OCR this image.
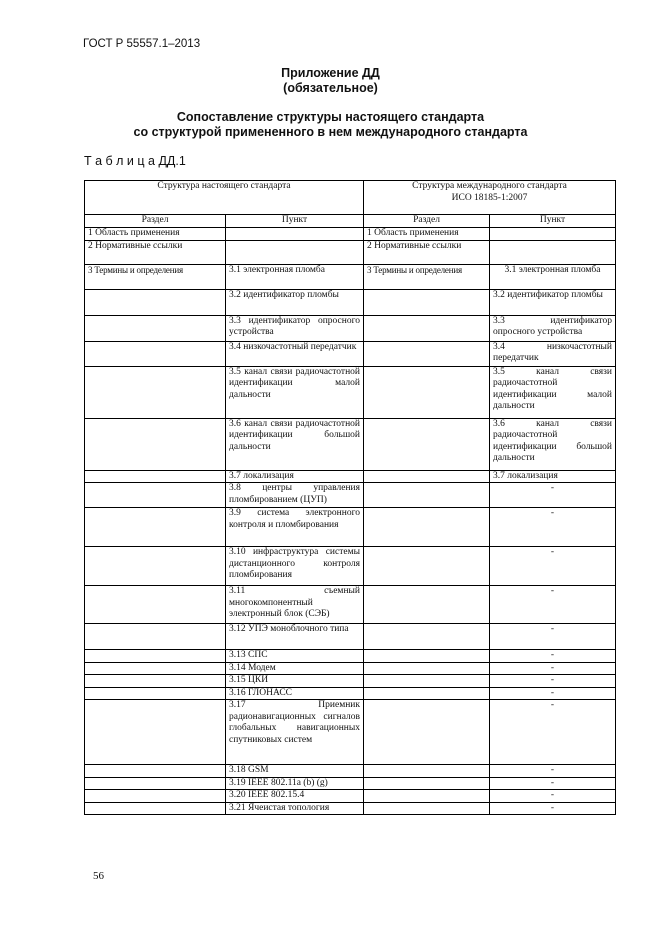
ГОСТ Р 55557.1–2013
Приложение ДД
(обязательное)
Сопоставление структуры настоящего стандарта
со структурой примененного в нем международного стандарта
Т а б л и ц а ДД.1
Структура настоящего стандарта		Структура международного стандарта
ИСО 18185-1:2007	

Раздел	Пункт	Раздел	Пункт
1 Область применения		1 Область применения	
2 Нормативные ссылки		2 Нормативные ссылки	
3 Термины и определения	3.1 электронная пломба	3 Термины и определения	3.1 электронная пломба
	3.2 идентификатор пломбы		3.2 идентификатор пломбы
	3.3 идентификатор опросного устройства		3.3 идентификатор опросного устройства
	3.4 низкочастотный передатчик		3.4 низкочастотный передатчик
	3.5 канал связи радиочастотной идентификации малой дальности		3.5 канал связи радиочастотной идентификации малой дальности
	3.6 канал связи радиочастотной идентификации большой дальности		3.6 канал связи радиочастотной идентификации большой дальности
	3.7 локализация		3.7 локализация
	3.8 центры управления пломбированием (ЦУП)		-
	3.9 система электронного контроля и пломбирования		-
	3.10 инфраструктура системы дистанционного контроля пломбирования		-
	3.11 съемный многокомпонентный электронный блок (СЭБ)		-
	3.12 УПЭ моноблочного типа		-
	3.13 СПС		-
	3.14 Модем		-
	3.15 ЦКИ		-
	3.16 ГЛОНАСС		-
	3.17 Приемник радионавигационных сигналов глобальных навигационных спутниковых систем		-
	3.18 GSM		-
	3.19 IEEE 802.11a (b) (g)		-
	3.20 IEEE 802.15.4		-
	3.21 Ячеистая топология		-
56
